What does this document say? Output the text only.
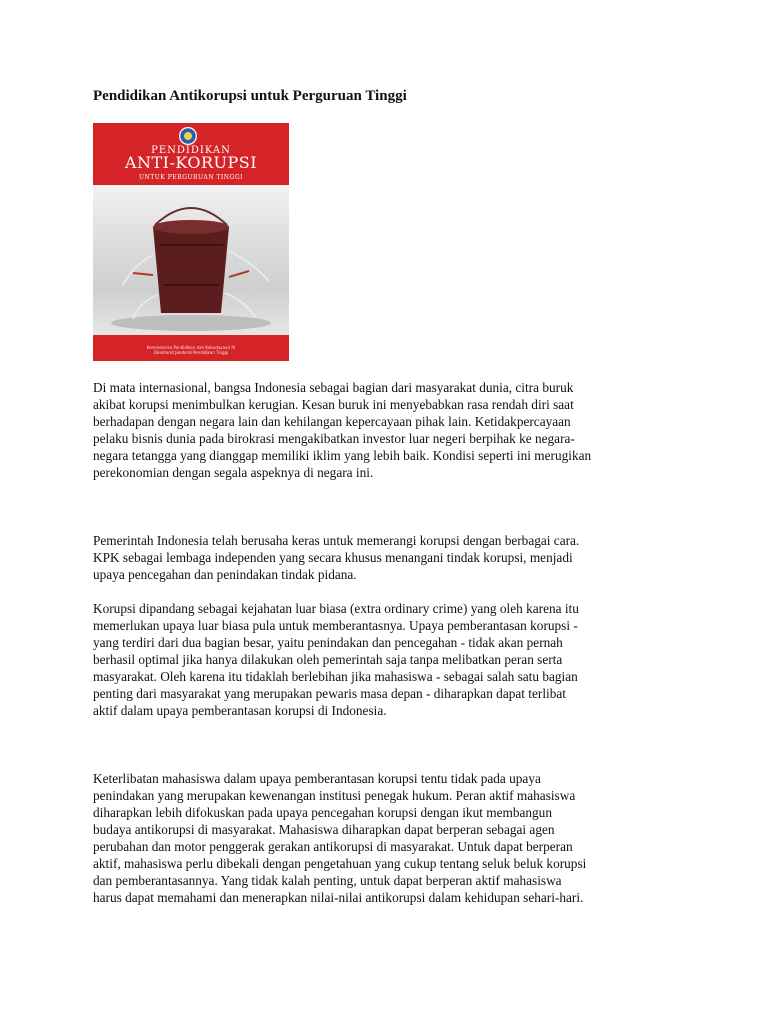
Pendidikan Antikorupsi untuk Perguruan Tinggi
PENDIDIKAN
ANTI-KORUPSI
UNTUK PERGURUAN TINGGI
Kementerian Pendidikan dan Kebudayaan RI
Direktorat Jenderal Pendidikan Tinggi

Di mata internasional, bangsa Indonesia sebagai bagian dari masyarakat dunia, citra buruk
akibat korupsi menimbulkan kerugian. Kesan buruk ini menyebabkan rasa rendah diri saat
berhadapan dengan negara lain dan kehilangan kepercayaan pihak lain. Ketidakpercayaan
pelaku bisnis dunia pada birokrasi mengakibatkan investor luar negeri berpihak ke negara-
negara tetangga yang dianggap memiliki iklim yang lebih baik. Kondisi seperti ini merugikan
perekonomian dengan segala aspeknya di negara ini.

Pemerintah Indonesia telah berusaha keras untuk memerangi korupsi dengan berbagai cara.
KPK sebagai lembaga independen yang secara khusus menangani tindak korupsi, menjadi
upaya pencegahan dan penindakan tindak pidana.

Korupsi dipandang sebagai kejahatan luar biasa (extra ordinary crime) yang oleh karena itu
memerlukan upaya luar biasa pula untuk memberantasnya. Upaya pemberantasan korupsi -
yang terdiri dari dua bagian besar, yaitu penindakan dan pencegahan - tidak akan pernah
berhasil optimal jika hanya dilakukan oleh pemerintah saja tanpa melibatkan peran serta
masyarakat. Oleh karena itu tidaklah berlebihan jika mahasiswa - sebagai salah satu bagian
penting dari masyarakat yang merupakan pewaris masa depan - diharapkan dapat terlibat
aktif dalam upaya pemberantasan korupsi di Indonesia.

Keterlibatan mahasiswa dalam upaya pemberantasan korupsi tentu tidak pada upaya
penindakan yang merupakan kewenangan institusi penegak hukum. Peran aktif mahasiswa
diharapkan lebih difokuskan pada upaya pencegahan korupsi dengan ikut membangun
budaya antikorupsi di masyarakat. Mahasiswa diharapkan dapat berperan sebagai agen
perubahan dan motor penggerak gerakan antikorupsi di masyarakat. Untuk dapat berperan
aktif, mahasiswa perlu dibekali dengan pengetahuan yang cukup tentang seluk beluk korupsi
dan pemberantasannya. Yang tidak kalah penting, untuk dapat berperan aktif mahasiswa
harus dapat memahami dan menerapkan nilai-nilai antikorupsi dalam kehidupan sehari-hari.
